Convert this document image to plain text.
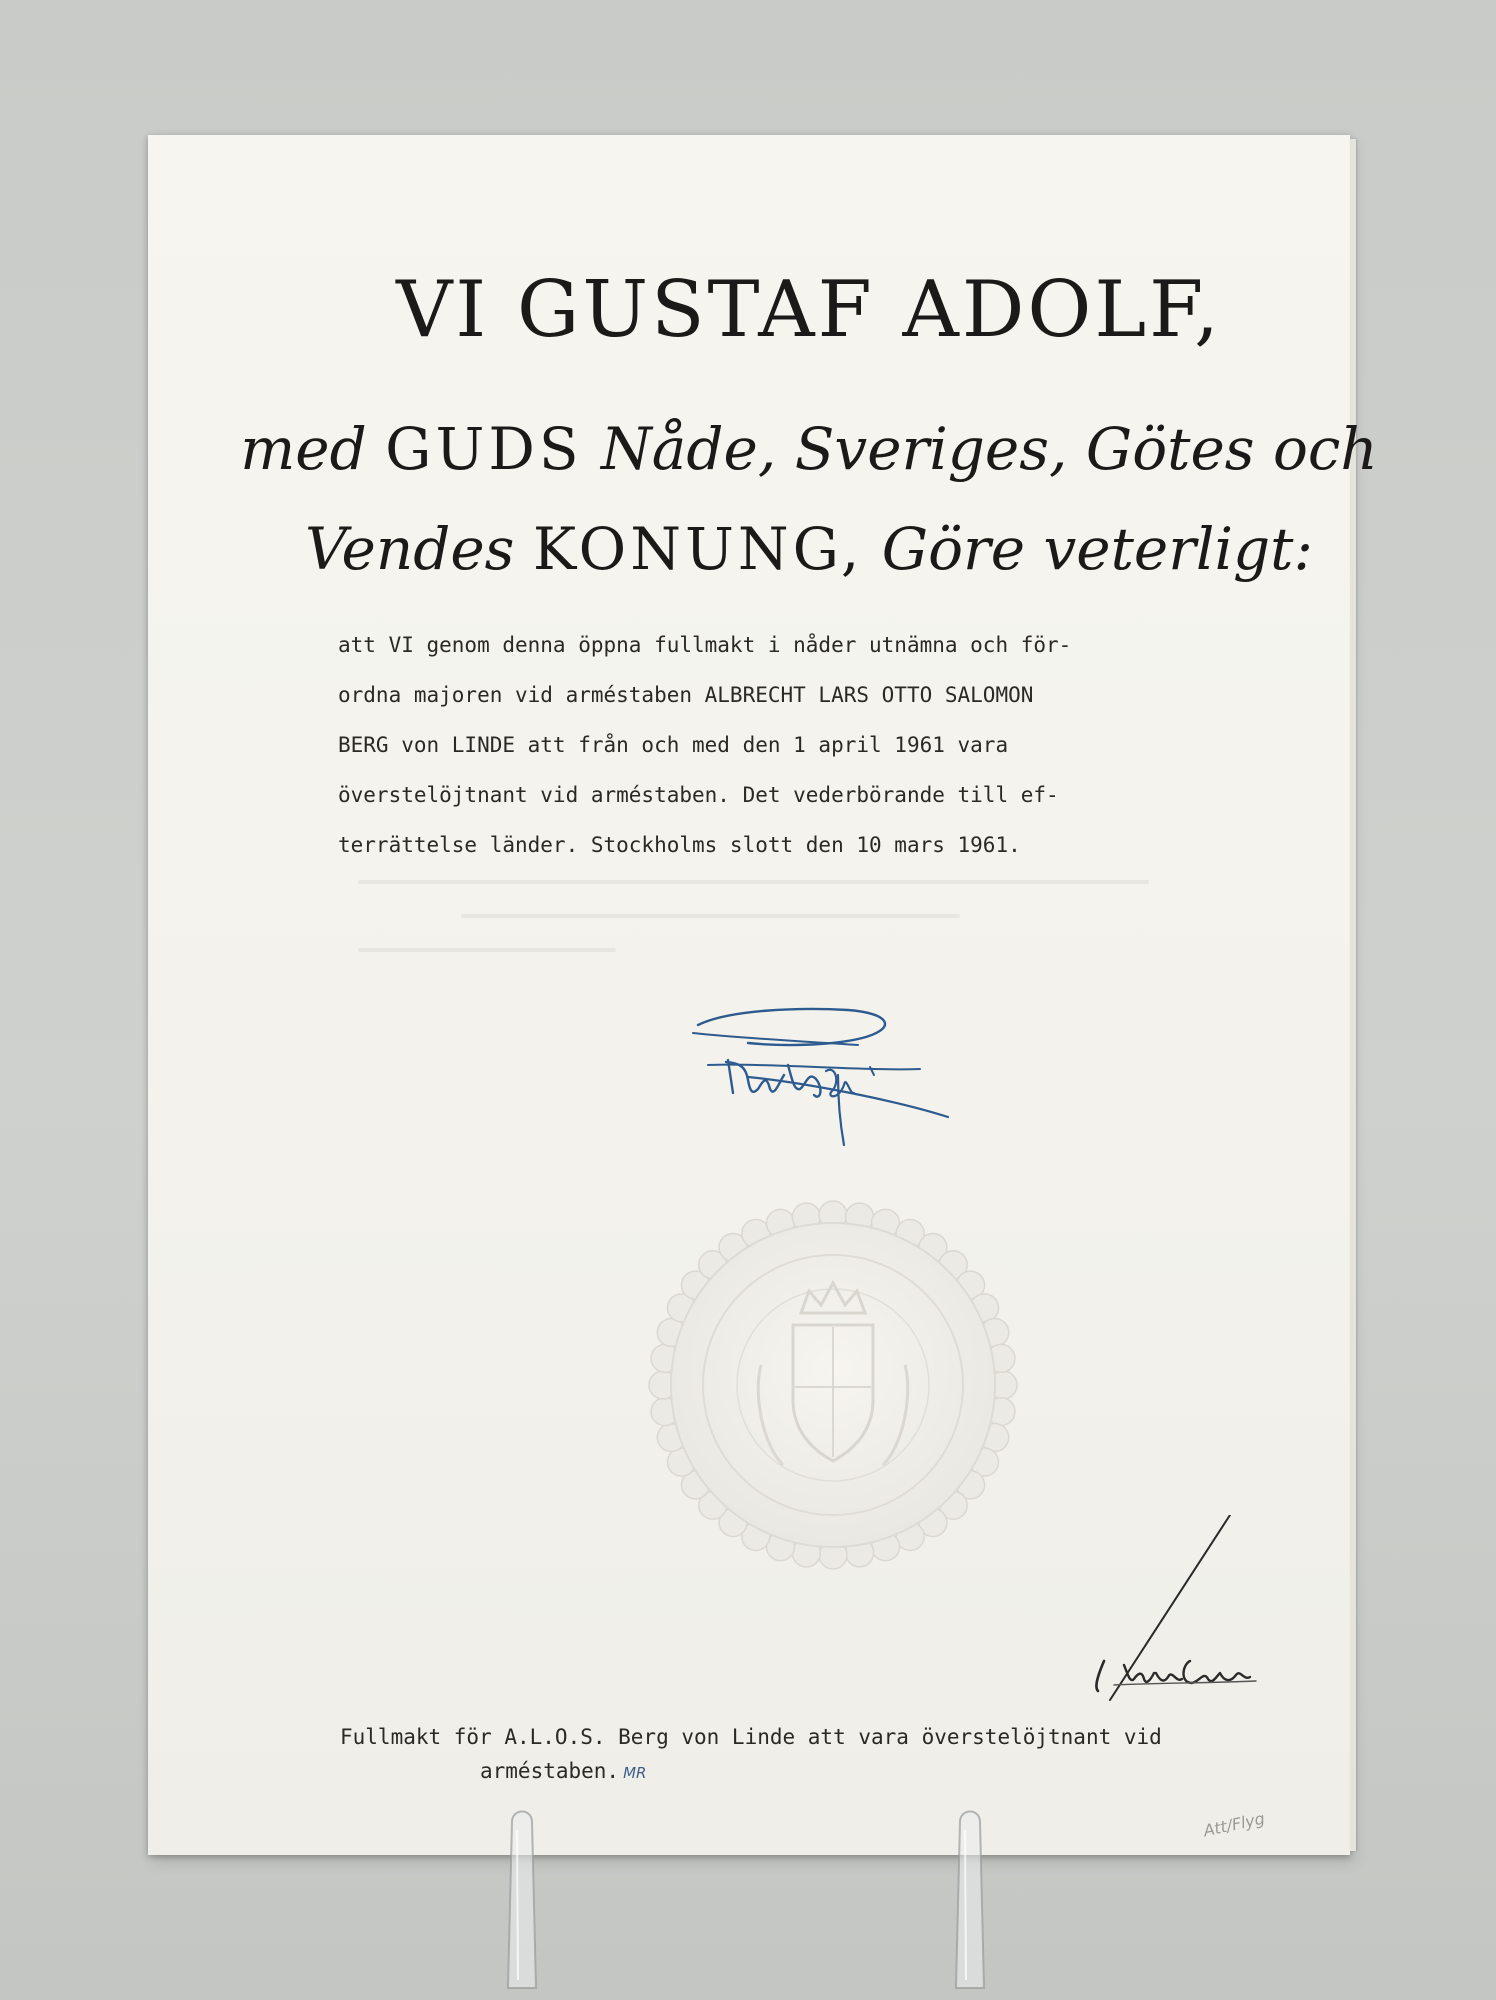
VI GUSTAF ADOLF,
med GUDS Nåde, Sveriges, Götes och
Vendes KONUNG, Göre veterligt:

att VI genom denna öppna fullmakt i nåder utnämna och för-

ordna majoren vid arméstaben ALBRECHT LARS OTTO SALOMON

BERG von LINDE att från och med den 1 april 1961 vara

överstelöjtnant vid arméstaben. Det vederbörande till ef-

terrättelse länder. Stockholms slott den 10 mars 1961.

Fullmakt för A.L.O.S. Berg von Linde att vara överstelöjtnant vid
arméstaben. MR
Att/Flyg
